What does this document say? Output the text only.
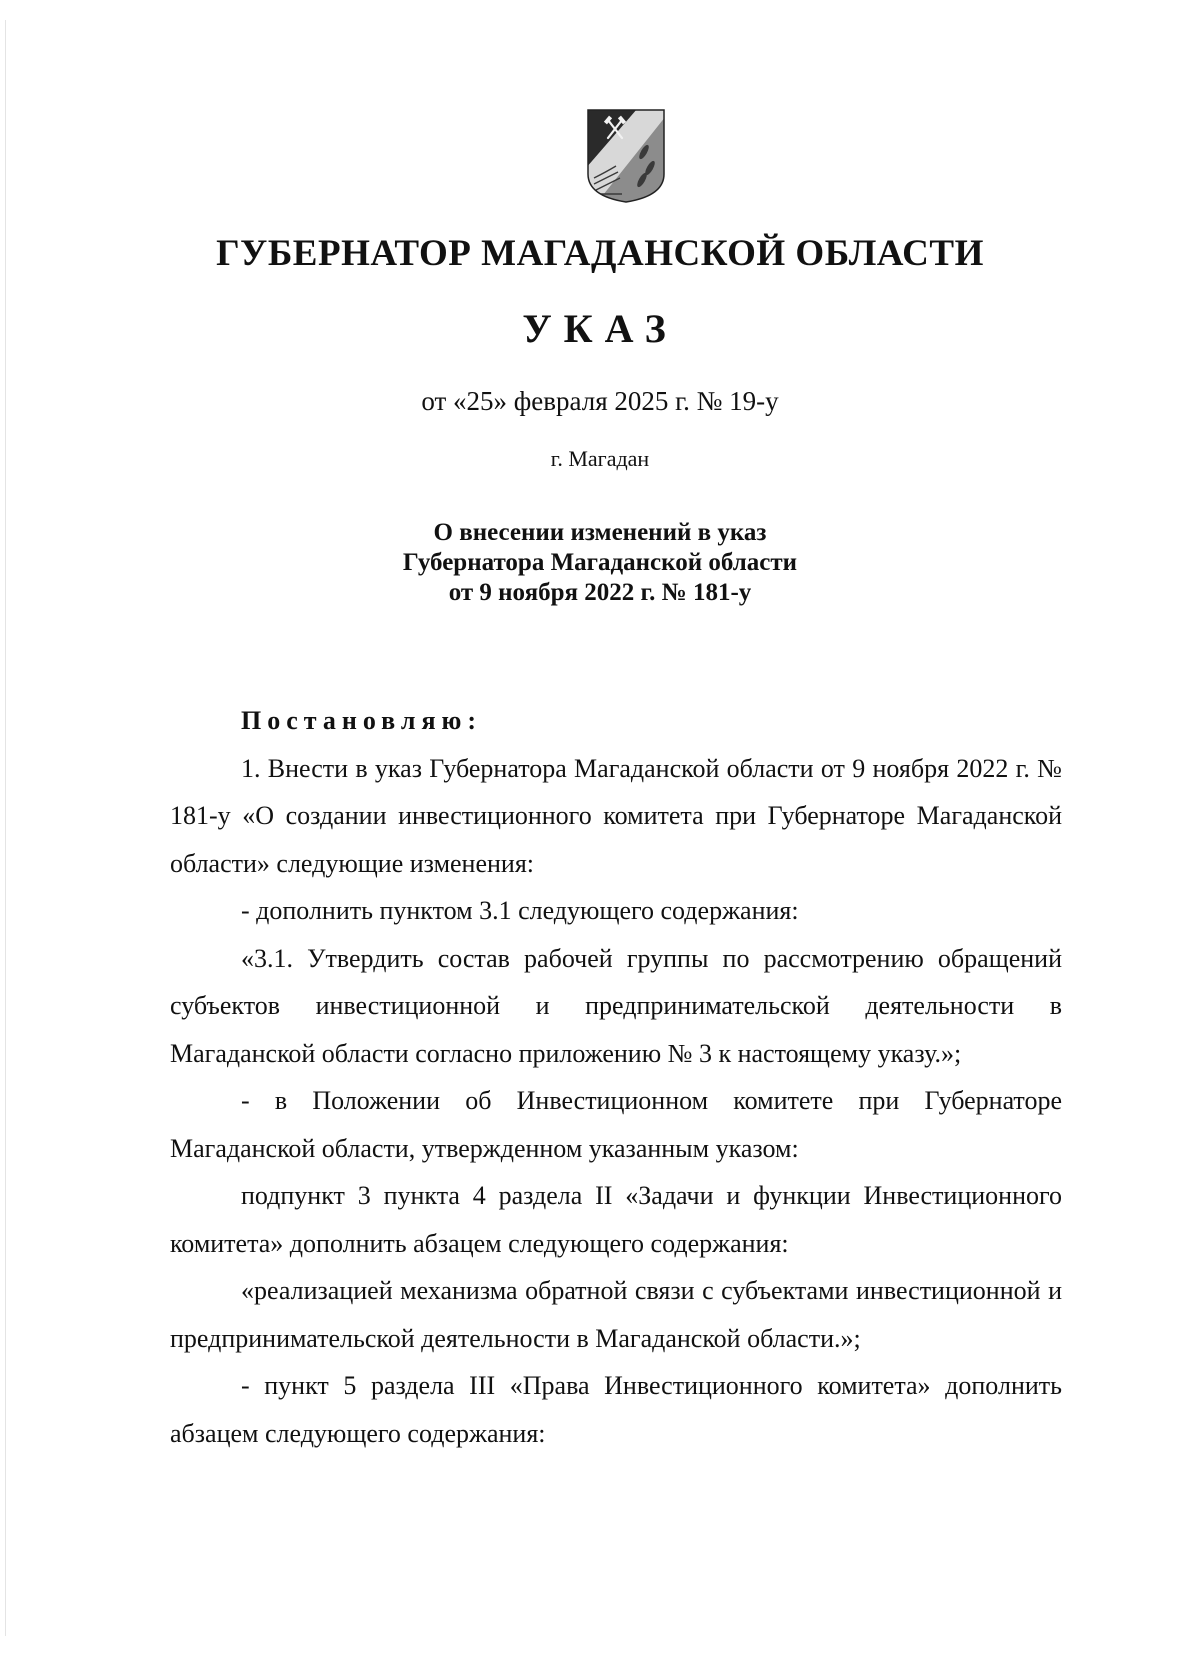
ГУБЕРНАТОР МАГАДАНСКОЙ ОБЛАСТИ
УКАЗ
от «25» февраля 2025 г. № 19-у
г. Магадан
О внесении изменений в указ
Губернатора Магаданской области
от 9 ноября 2022 г. № 181-у
Постановляю:

1. Внести в указ Губернатора Магаданской области от 9 ноября 2022 г. № 181-у «О создании инвестиционного комитета при Губернаторе Магаданской области» следующие изменения:

- дополнить пунктом 3.1 следующего содержания:

«3.1. Утвердить состав рабочей группы по рассмотрению обращений субъектов инвестиционной и предпринимательской деятельности в Магаданской области согласно приложению № 3 к настоящему указу.»;

- в Положении об Инвестиционном комитете при Губернаторе Магаданской области, утвержденном указанным указом:

подпункт 3 пункта 4 раздела II «Задачи и функции Инвестиционного комитета» дополнить абзацем следующего содержания:

«реализацией механизма обратной связи с субъектами инвестиционной и предпринимательской деятельности в Магаданской области.»;

- пункт 5 раздела III «Права Инвестиционного комитета» дополнить абзацем следующего содержания:
